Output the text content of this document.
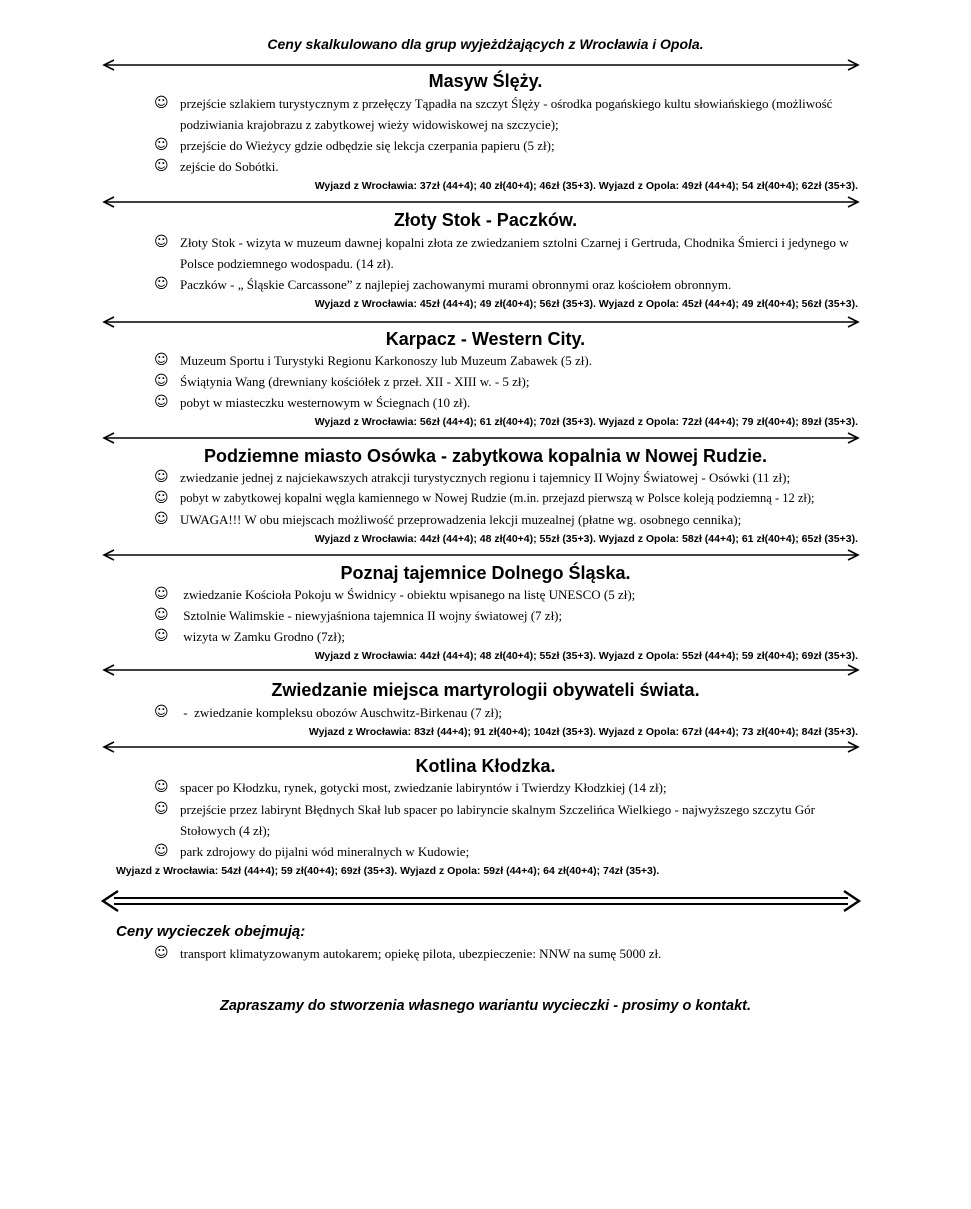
Ceny skalkulowano dla grup wyjeżdżających z Wrocławia i Opola.
Masyw Ślęży.
☺ przejście szlakiem turystycznym z przełęczy Tąpadła na szczyt Ślęży - ośrodka pogańskiego kultu słowiańskiego (możliwość podziwiania krajobrazu z zabytkowej wieży widowiskowej na szczycie);
☺ przejście do Wieżycy gdzie odbędzie się lekcja czerpania papieru (5 zł);
☺ zejście do Sobótki.
Wyjazd z Wrocławia: 37zł (44+4); 40 zł(40+4); 46zł (35+3). Wyjazd z Opola: 49zł (44+4); 54 zł(40+4); 62zł (35+3).
Złoty Stok - Paczków.
☺ Złoty Stok - wizyta w muzeum dawnej kopalni złota ze zwiedzaniem sztolni Czarnej i Gertruda, Chodnika Śmierci i jedynego w Polsce podziemnego wodospadu. (14 zł).
☺ Paczków - „ Śląskie Carcassone” z najlepiej zachowanymi murami obronnymi oraz kościołem obronnym.
Wyjazd z Wrocławia: 45zł (44+4); 49 zł(40+4); 56zł (35+3). Wyjazd z Opola: 45zł (44+4); 49 zł(40+4); 56zł (35+3).
Karpacz - Western City.
☺ Muzeum Sportu i Turystyki Regionu Karkonoszy lub Muzeum Zabawek (5 zł).
☺ Świątynia Wang (drewniany kościółek z przeł. XII - XIII w. - 5 zł);
☺ pobyt w miasteczku westernowym w Ściegnach (10 zł).
Wyjazd z Wrocławia: 56zł (44+4); 61 zł(40+4); 70zł (35+3). Wyjazd z Opola: 72zł (44+4); 79 zł(40+4); 89zł (35+3).
Podziemne miasto Osówka - zabytkowa kopalnia w Nowej Rudzie.
☺ zwiedzanie jednej z najciekawszych atrakcji turystycznych regionu i tajemnicy II Wojny Światowej - Osówki (11 zł);
☺ pobyt w zabytkowej kopalni węgla kamiennego w Nowej Rudzie (m.in. przejazd pierwszą w Polsce koleją podziemną - 12 zł);
☺ UWAGA!!! W obu miejscach możliwość przeprowadzenia lekcji muzealnej (płatne wg. osobnego cennika);
Wyjazd z Wrocławia: 44zł (44+4); 48 zł(40+4); 55zł (35+3). Wyjazd z Opola: 58zł (44+4); 61 zł(40+4); 65zł (35+3).
Poznaj tajemnice Dolnego Śląska.
☺ zwiedzanie Kościoła Pokoju w Świdnicy - obiektu wpisanego na listę UNESCO (5 zł);
☺ Sztolnie Walimskie - niewyjaśniona tajemnica II wojny światowej (7 zł);
☺ wizyta w Zamku Grodno (7zł);
Wyjazd z Wrocławia: 44zł (44+4); 48 zł(40+4); 55zł (35+3). Wyjazd z Opola: 55zł (44+4); 59 zł(40+4); 69zł (35+3).
Zwiedzanie miejsca martyrologii obywateli świata.
☺ -  zwiedzanie kompleksu obozów Auschwitz-Birkenau (7 zł);
Wyjazd z Wrocławia: 83zł (44+4); 91 zł(40+4); 104zł (35+3). Wyjazd z Opola: 67zł (44+4); 73 zł(40+4); 84zł (35+3).
Kotlina Kłodzka.
☺ spacer po Kłodzku, rynek, gotycki most, zwiedzanie labiryntów i Twierdzy Kłodzkiej (14 zł);
☺ przejście przez labirynt Błędnych Skał lub spacer po labiryncie skalnym Szczelińca Wielkiego - najwyższego szczytu Gór Stołowych (4 zł);
☺ park zdrojowy do pijalni wód mineralnych w Kudowie;
Wyjazd z Wrocławia: 54zł (44+4); 59 zł(40+4); 69zł (35+3). Wyjazd z Opola: 59zł (44+4); 64 zł(40+4); 74zł (35+3).
Ceny wycieczek obejmują:
☺ transport klimatyzowanym autokarem; opiekę pilota, ubezpieczenie: NNW na sumę 5000 zł.
Zapraszamy do stworzenia własnego wariantu wycieczki - prosimy o kontakt.
